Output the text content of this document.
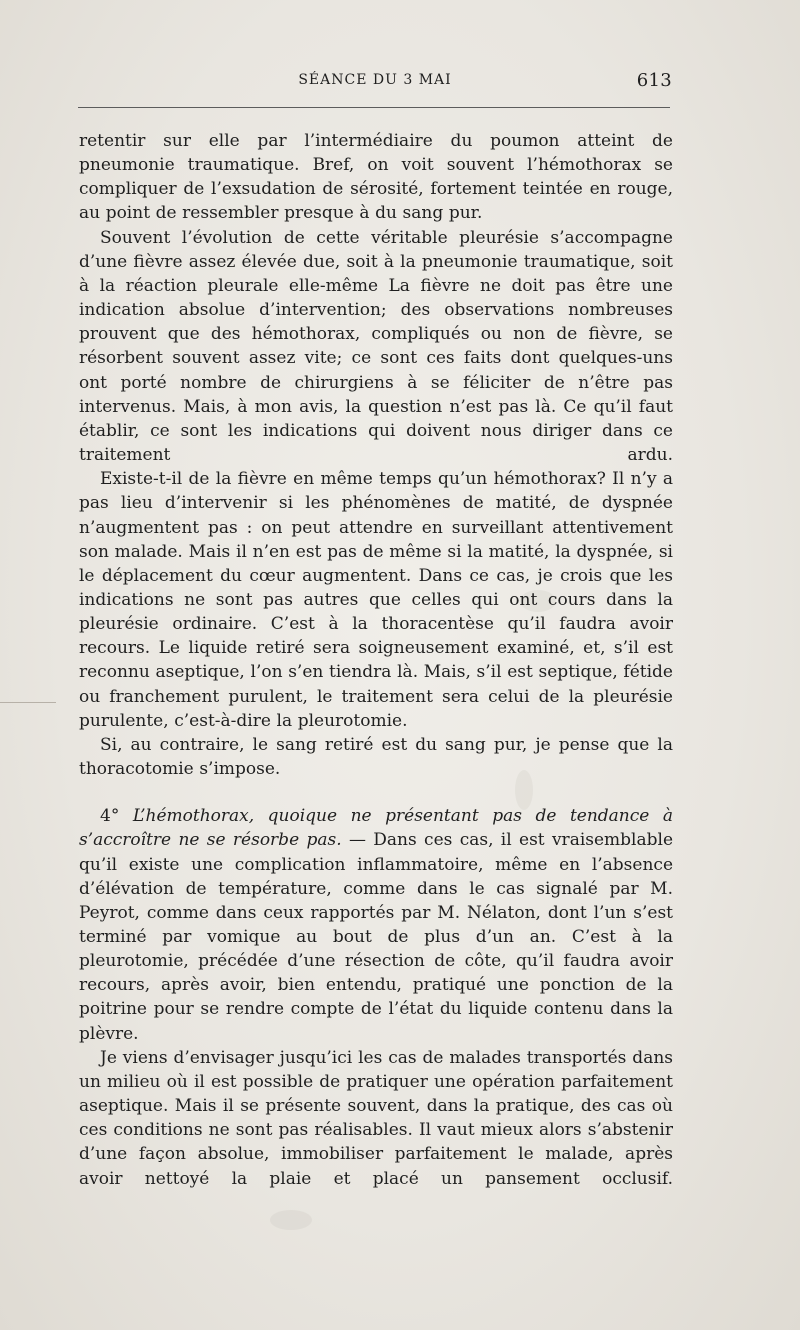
SÉANCE DU 3 MAI	613

retentir sur elle par l’intermédiaire du poumon atteint de pneumonie traumatique. Bref, on voit souvent l’hémothorax se compliquer de l’exsudation de sérosité, fortement teintée en rouge, au point de ressembler presque à du sang pur.

Souvent l’évolution de cette véritable pleurésie s’accompagne d’une fièvre assez élevée due, soit à la pneumonie traumatique, soit à la réaction pleurale elle-même La fièvre ne doit pas être une indication absolue d’intervention; des observations nombreuses prouvent que des hémothorax, compliqués ou non de fièvre, se résorbent souvent assez vite; ce sont ces faits dont quelques-uns ont porté nombre de chirurgiens à se féliciter de n’être pas intervenus. Mais, à mon avis, la question n’est pas là. Ce qu’il faut établir, ce sont les indications qui doivent nous diriger dans ce traitement ardu.

Existe-t-il de la fièvre en même temps qu’un hémothorax? Il n’y a pas lieu d’intervenir si les phénomènes de matité, de dyspnée n’augmentent pas : on peut attendre en surveillant attentivement son malade. Mais il n’en est pas de même si la matité, la dyspnée, si le déplacement du cœur augmentent. Dans ce cas, je crois que les indications ne sont pas autres que celles qui ont cours dans la pleurésie ordinaire. C’est à la thoracentèse qu’il faudra avoir recours. Le liquide retiré sera soigneusement examiné, et, s’il est reconnu aseptique, l’on s’en tiendra là. Mais, s’il est septique, fétide ou franchement purulent, le traitement sera celui de la pleurésie purulente, c’est-à-dire la pleurotomie.

Si, au contraire, le sang retiré est du sang pur, je pense que la thoracotomie s’impose.

4° L’hémothorax, quoique ne présentant pas de tendance à s’accroître ne se résorbe pas. — Dans ces cas, il est vraisemblable qu’il existe une complication inflammatoire, même en l’absence d’élévation de température, comme dans le cas signalé par M. Peyrot, comme dans ceux rapportés par M. Nélaton, dont l’un s’est terminé par vomique au bout de plus d’un an. C’est à la pleurotomie, précédée d’une résection de côte, qu’il faudra avoir recours, après avoir, bien entendu, pratiqué une ponction de la poitrine pour se rendre compte de l’état du liquide contenu dans la plèvre.

Je viens d’envisager jusqu’ici les cas de malades transportés dans un milieu où il est possible de pratiquer une opération parfaitement aseptique. Mais il se présente souvent, dans la pratique, des cas où ces conditions ne sont pas réalisables. Il vaut mieux alors s’abstenir d’une façon absolue, immobiliser parfaitement le malade, après avoir nettoyé la plaie et placé un pansement occlusif.
